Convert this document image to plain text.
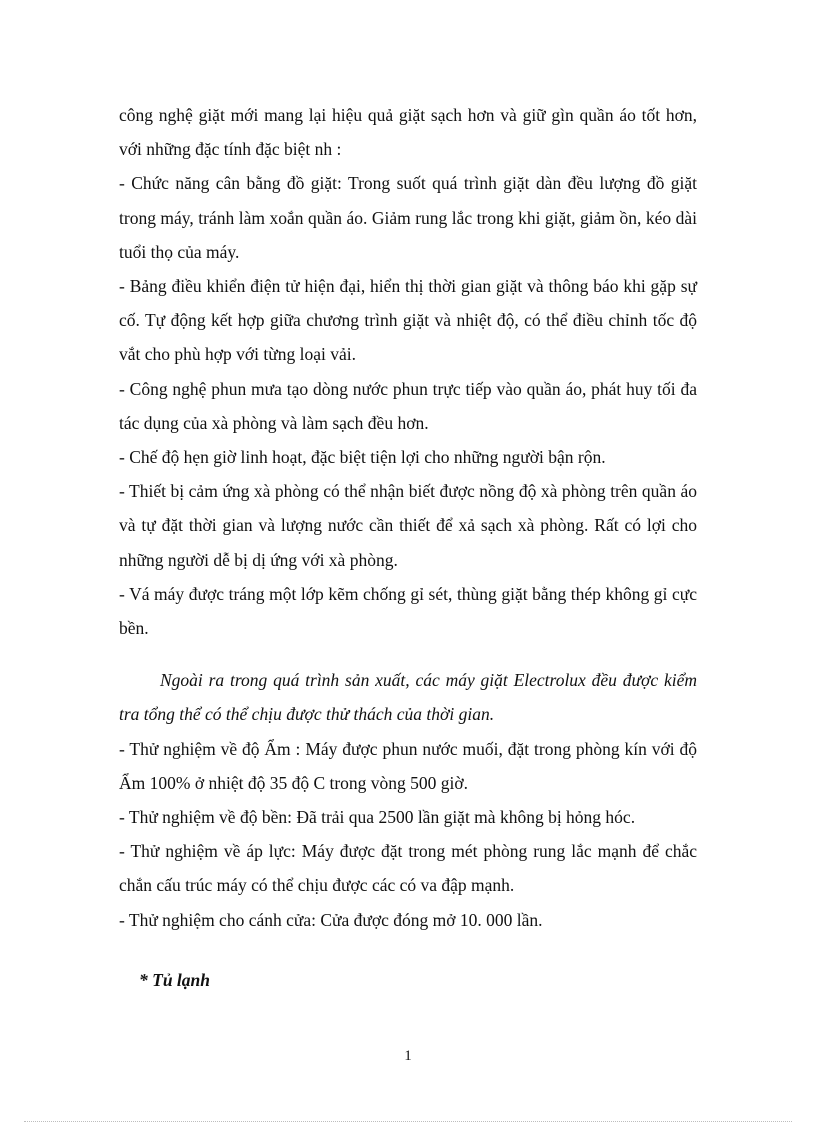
công nghệ giặt mới mang lại hiệu quả giặt sạch hơn và giữ gìn quần áo tốt hơn, với những đặc tính đặc biệt nh :

- Chức năng cân bằng đồ giặt: Trong suốt quá trình giặt dàn đều lượng đồ giặt trong máy, tránh làm xoắn quần áo. Giảm rung lắc trong khi giặt, giảm ồn, kéo dài tuổi thọ của máy.

- Bảng điều khiển điện tử hiện đại, hiển thị thời gian giặt và thông báo khi gặp sự cố. Tự động kết hợp giữa chương trình giặt và nhiệt độ, có thể điều chỉnh tốc độ vắt cho phù hợp với từng loại vải.

- Công nghệ phun mưa tạo dòng nước phun trực tiếp vào quần áo, phát huy tối đa tác dụng của xà phòng và làm sạch đều hơn.

- Chế độ hẹn giờ linh hoạt, đặc biệt tiện lợi cho những người bận rộn.

- Thiết bị cảm ứng xà phòng có thể nhận biết được nồng độ xà phòng trên quần áo và tự đặt thời gian và lượng nước cần thiết để xả sạch xà phòng. Rất có lợi cho những người dễ bị dị ứng với xà phòng.

- Vá máy được tráng một lớp kẽm chống gỉ sét, thùng giặt bằng thép không gỉ cực bền.

Ngoài ra trong quá trình sản xuất, các máy giặt Electrolux đều được kiểm tra tổng thể có thể chịu được thử thách của thời gian.

- Thử nghiệm về độ Ẩm : Máy được phun nước muối, đặt trong phòng kín với độ Ẩm 100% ở nhiệt độ 35 độ C trong vòng 500 giờ.

- Thử nghiệm về độ bền: Đã trải qua 2500 lần giặt mà không bị hỏng hóc.

- Thử nghiệm về áp lực: Máy được đặt trong mét phòng rung lắc mạnh để chắc chắn cấu trúc máy có thể chịu được các có va đập mạnh.

- Thử nghiệm cho cánh cửa: Cửa được đóng mở 10. 000 lần.

* Tủ lạnh

1
